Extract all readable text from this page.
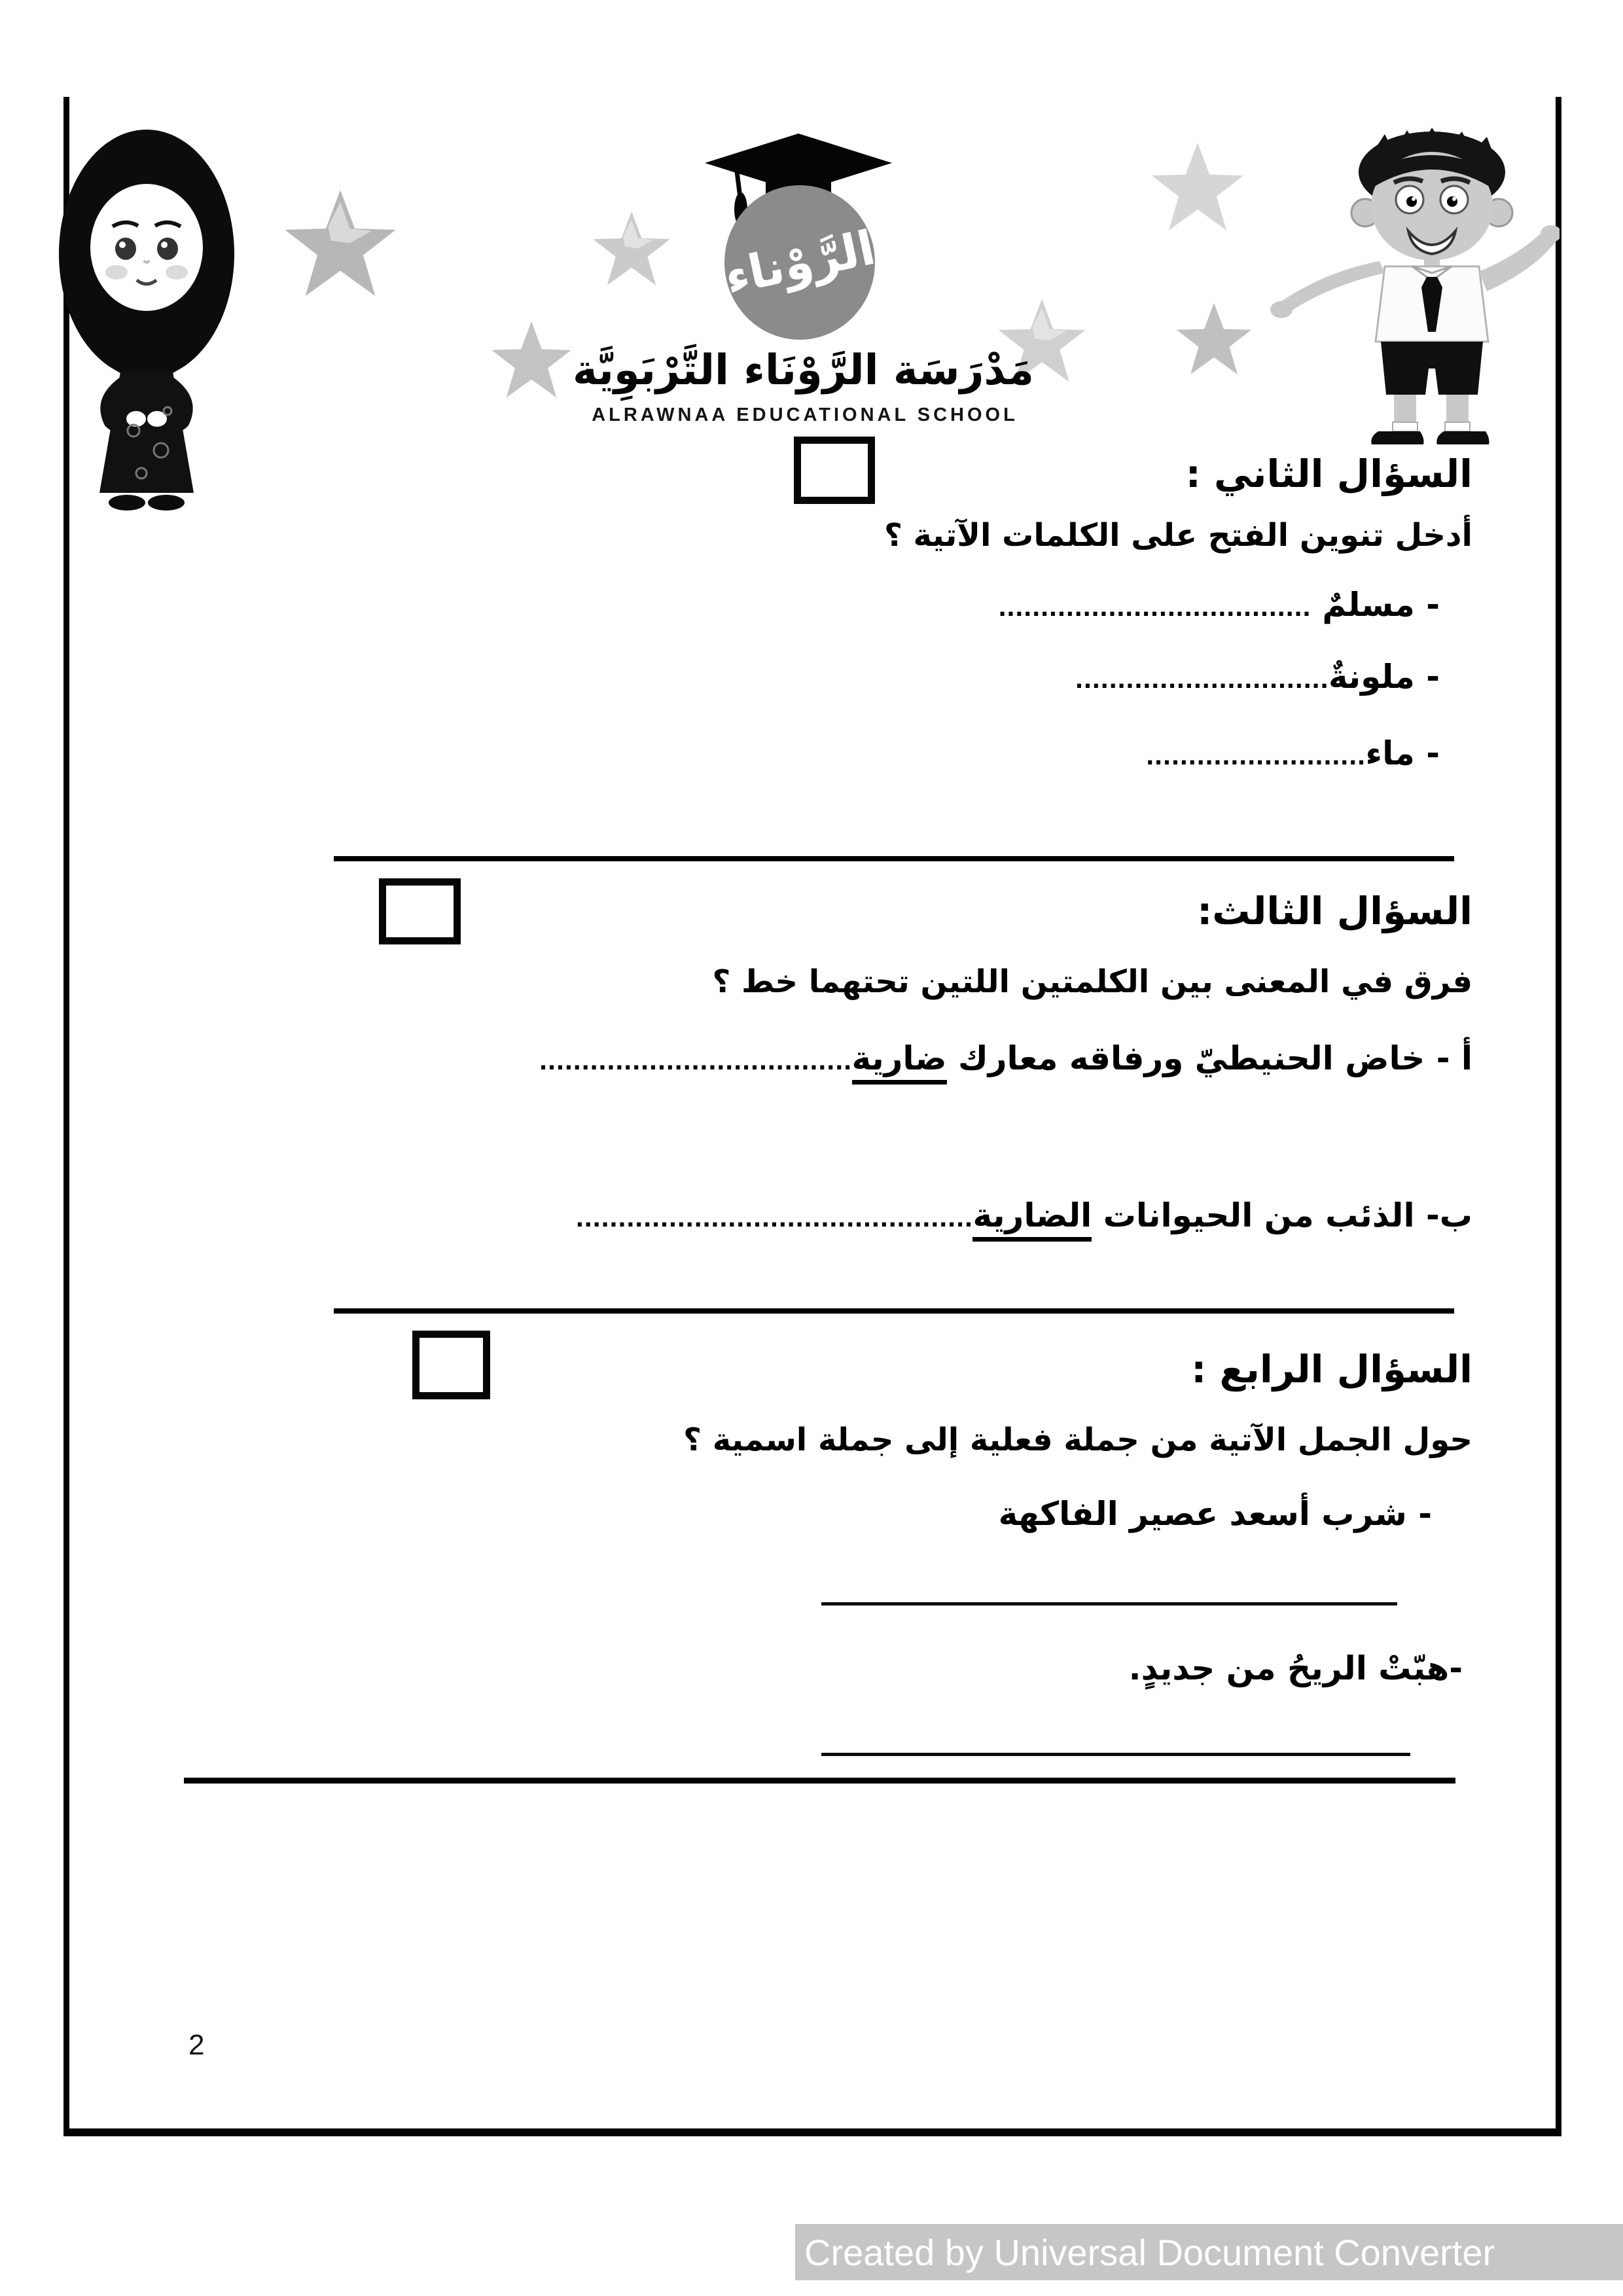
الرَّوْناء
مَدْرَسَة الرَّوْنَاء التَّرْبَوِيَّة
ALRAWNAA EDUCATIONAL SCHOOL
السؤال الثاني :
أدخل تنوين الفتح على الكلمات الآتية ؟
- مسلمٌ .....................................
- ملونةٌ..............................
- ماء..........................
السؤال الثالث:
فرق في المعنى بين الكلمتين اللتين تحتهما خط ؟
أ - خاض الحنيطيّ ورفاقه معارك ضارية.....................................
ب- الذئب من الحيوانات الضارية...............................................
السؤال الرابع :
حول الجمل الآتية من جملة فعلية إلى جملة اسمية ؟
- شرب أسعد عصير الفاكهة
-هبّتْ الريحُ من جديدٍ.
2
Created by Universal Document Converter
